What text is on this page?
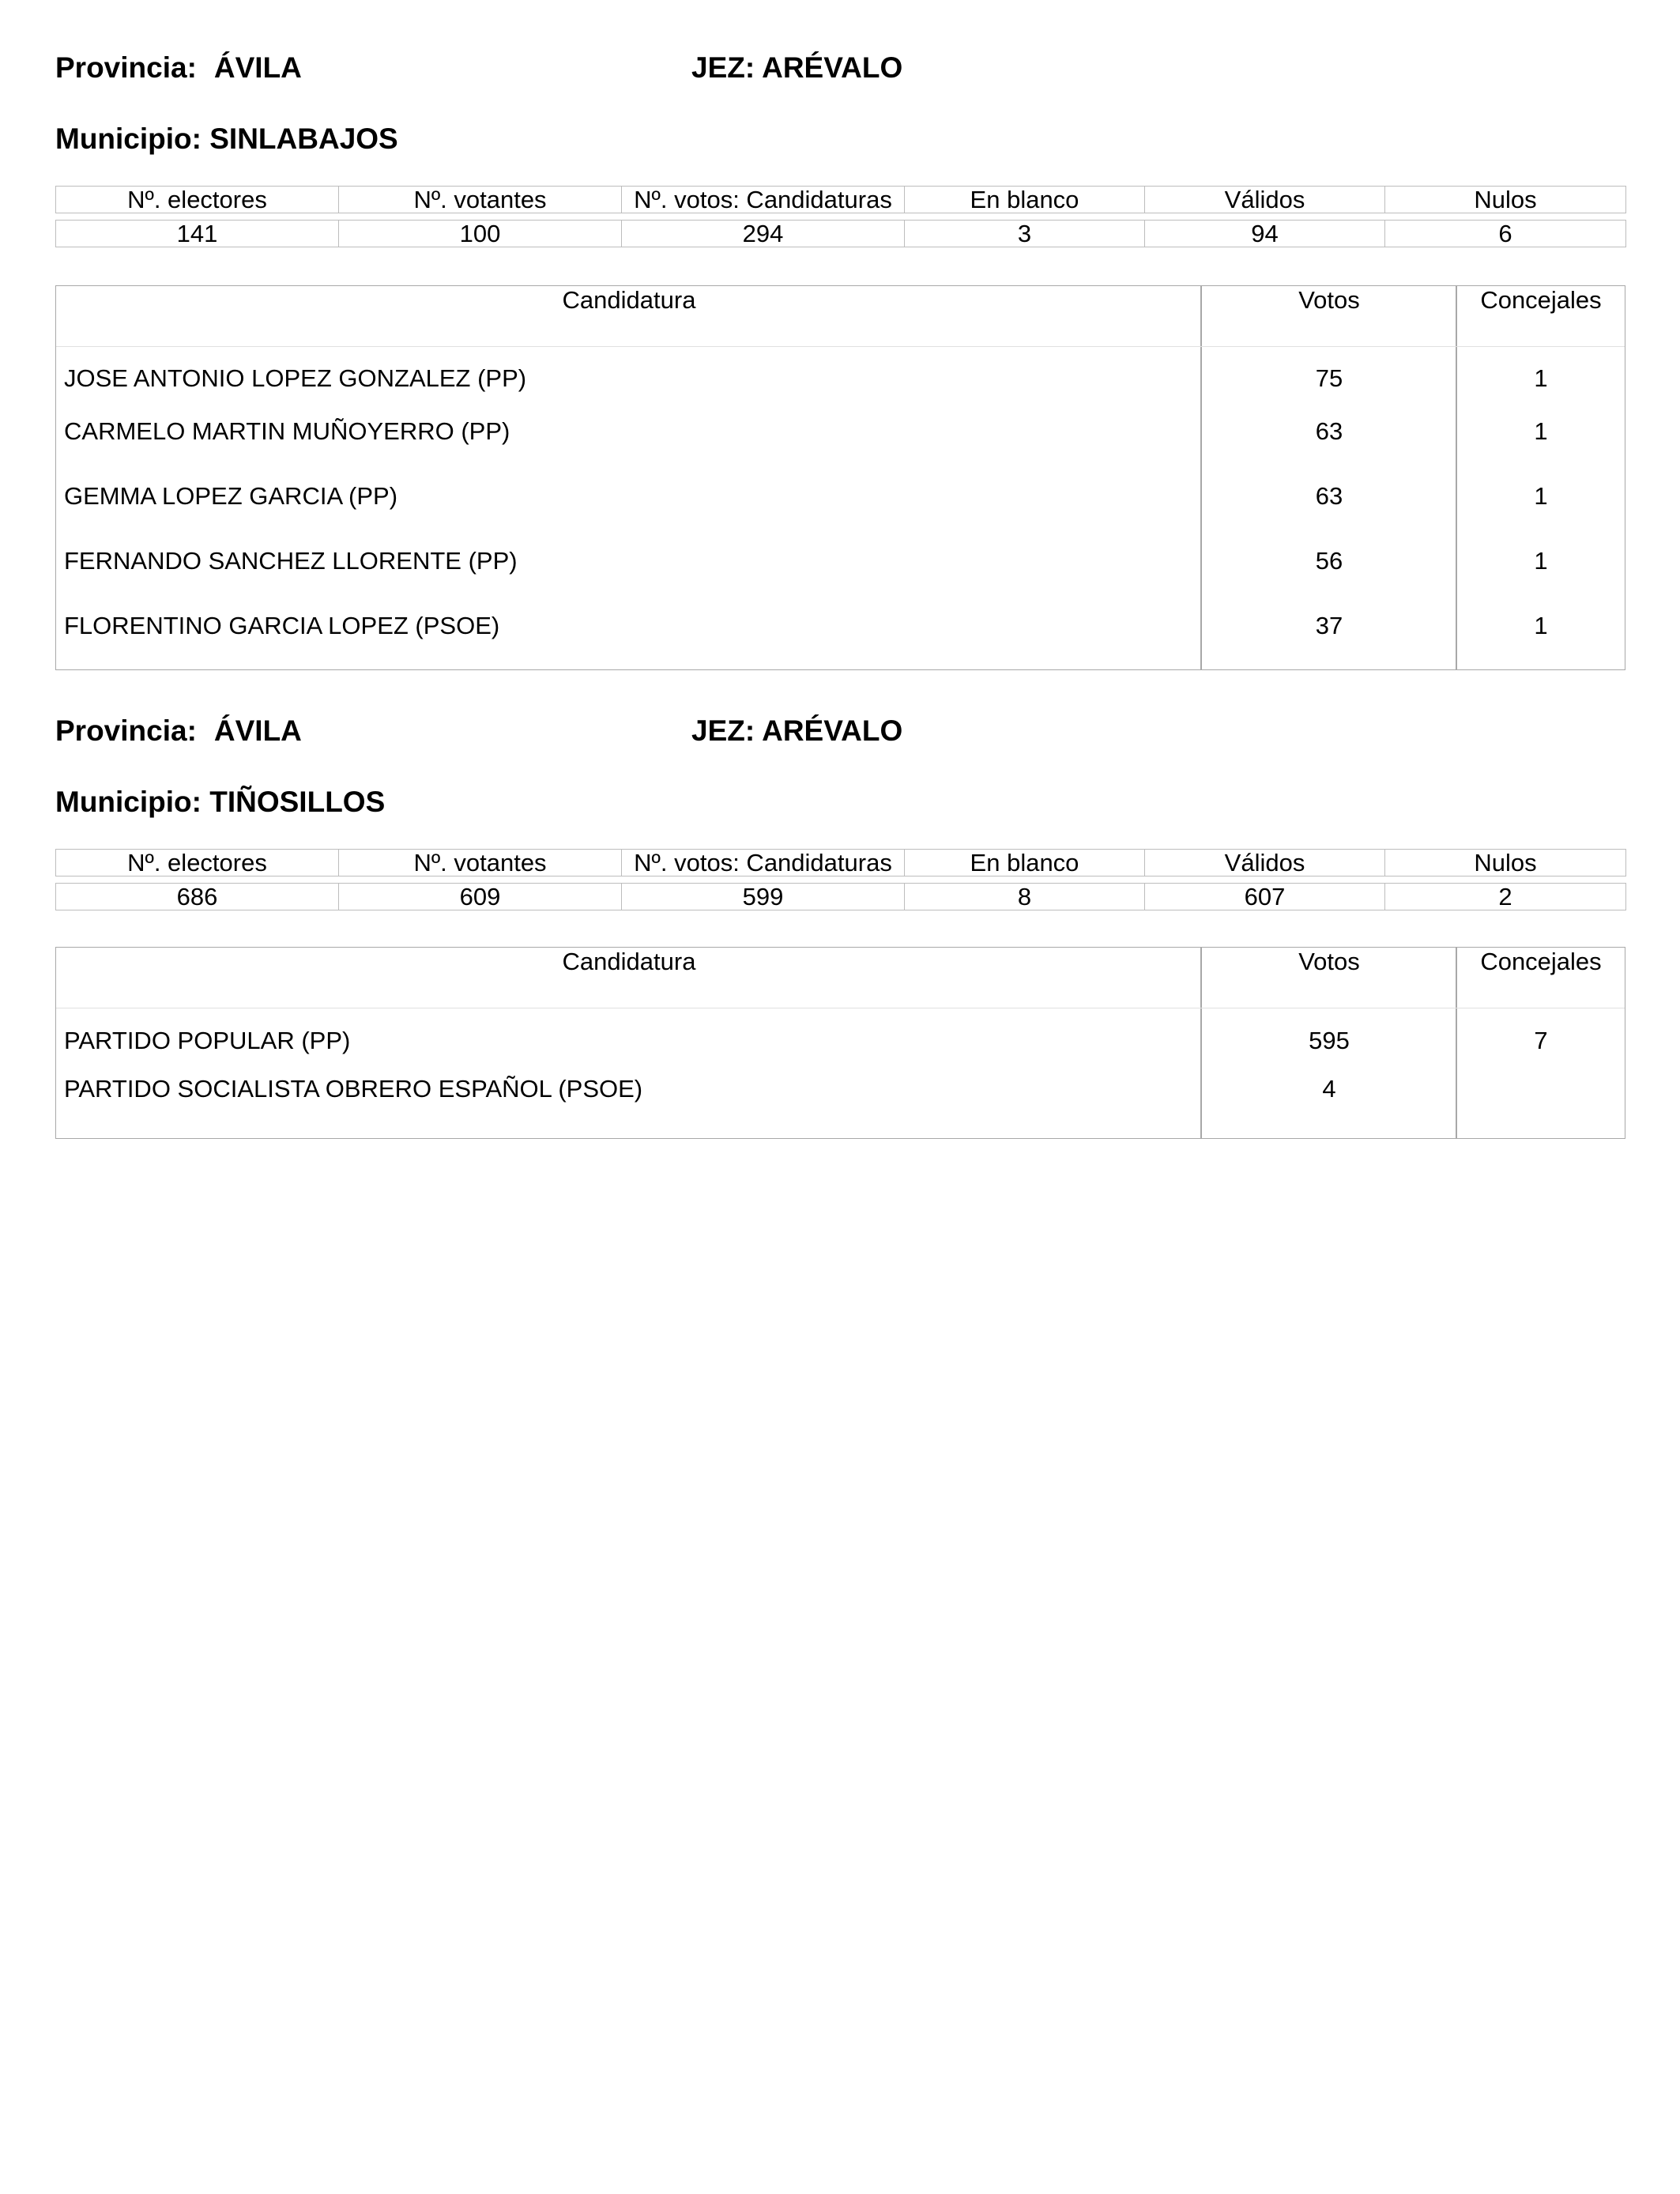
Provincia: ÁVILA	JEZ: ARÉVALO
Municipio: SINLABAJOS
Nº. electores	Nº. votantes	Nº. votos: Candidaturas	En blanco	Válidos	Nulos

141	100	294	3	94	6
Candidatura	Votos	Concejales
JOSE ANTONIO LOPEZ GONZALEZ (PP)	75	1
CARMELO MARTIN MUÑOYERRO (PP)	63	1
GEMMA LOPEZ GARCIA (PP)	63	1
FERNANDO SANCHEZ LLORENTE (PP)	56	1
FLORENTINO GARCIA LOPEZ (PSOE)	37	1
Provincia: ÁVILA	JEZ: ARÉVALO
Municipio: TIÑOSILLOS
Nº. electores	Nº. votantes	Nº. votos: Candidaturas	En blanco	Válidos	Nulos

686	609	599	8	607	2
Candidatura	Votos	Concejales
PARTIDO POPULAR (PP)	595	7
PARTIDO SOCIALISTA OBRERO ESPAÑOL (PSOE)	4
